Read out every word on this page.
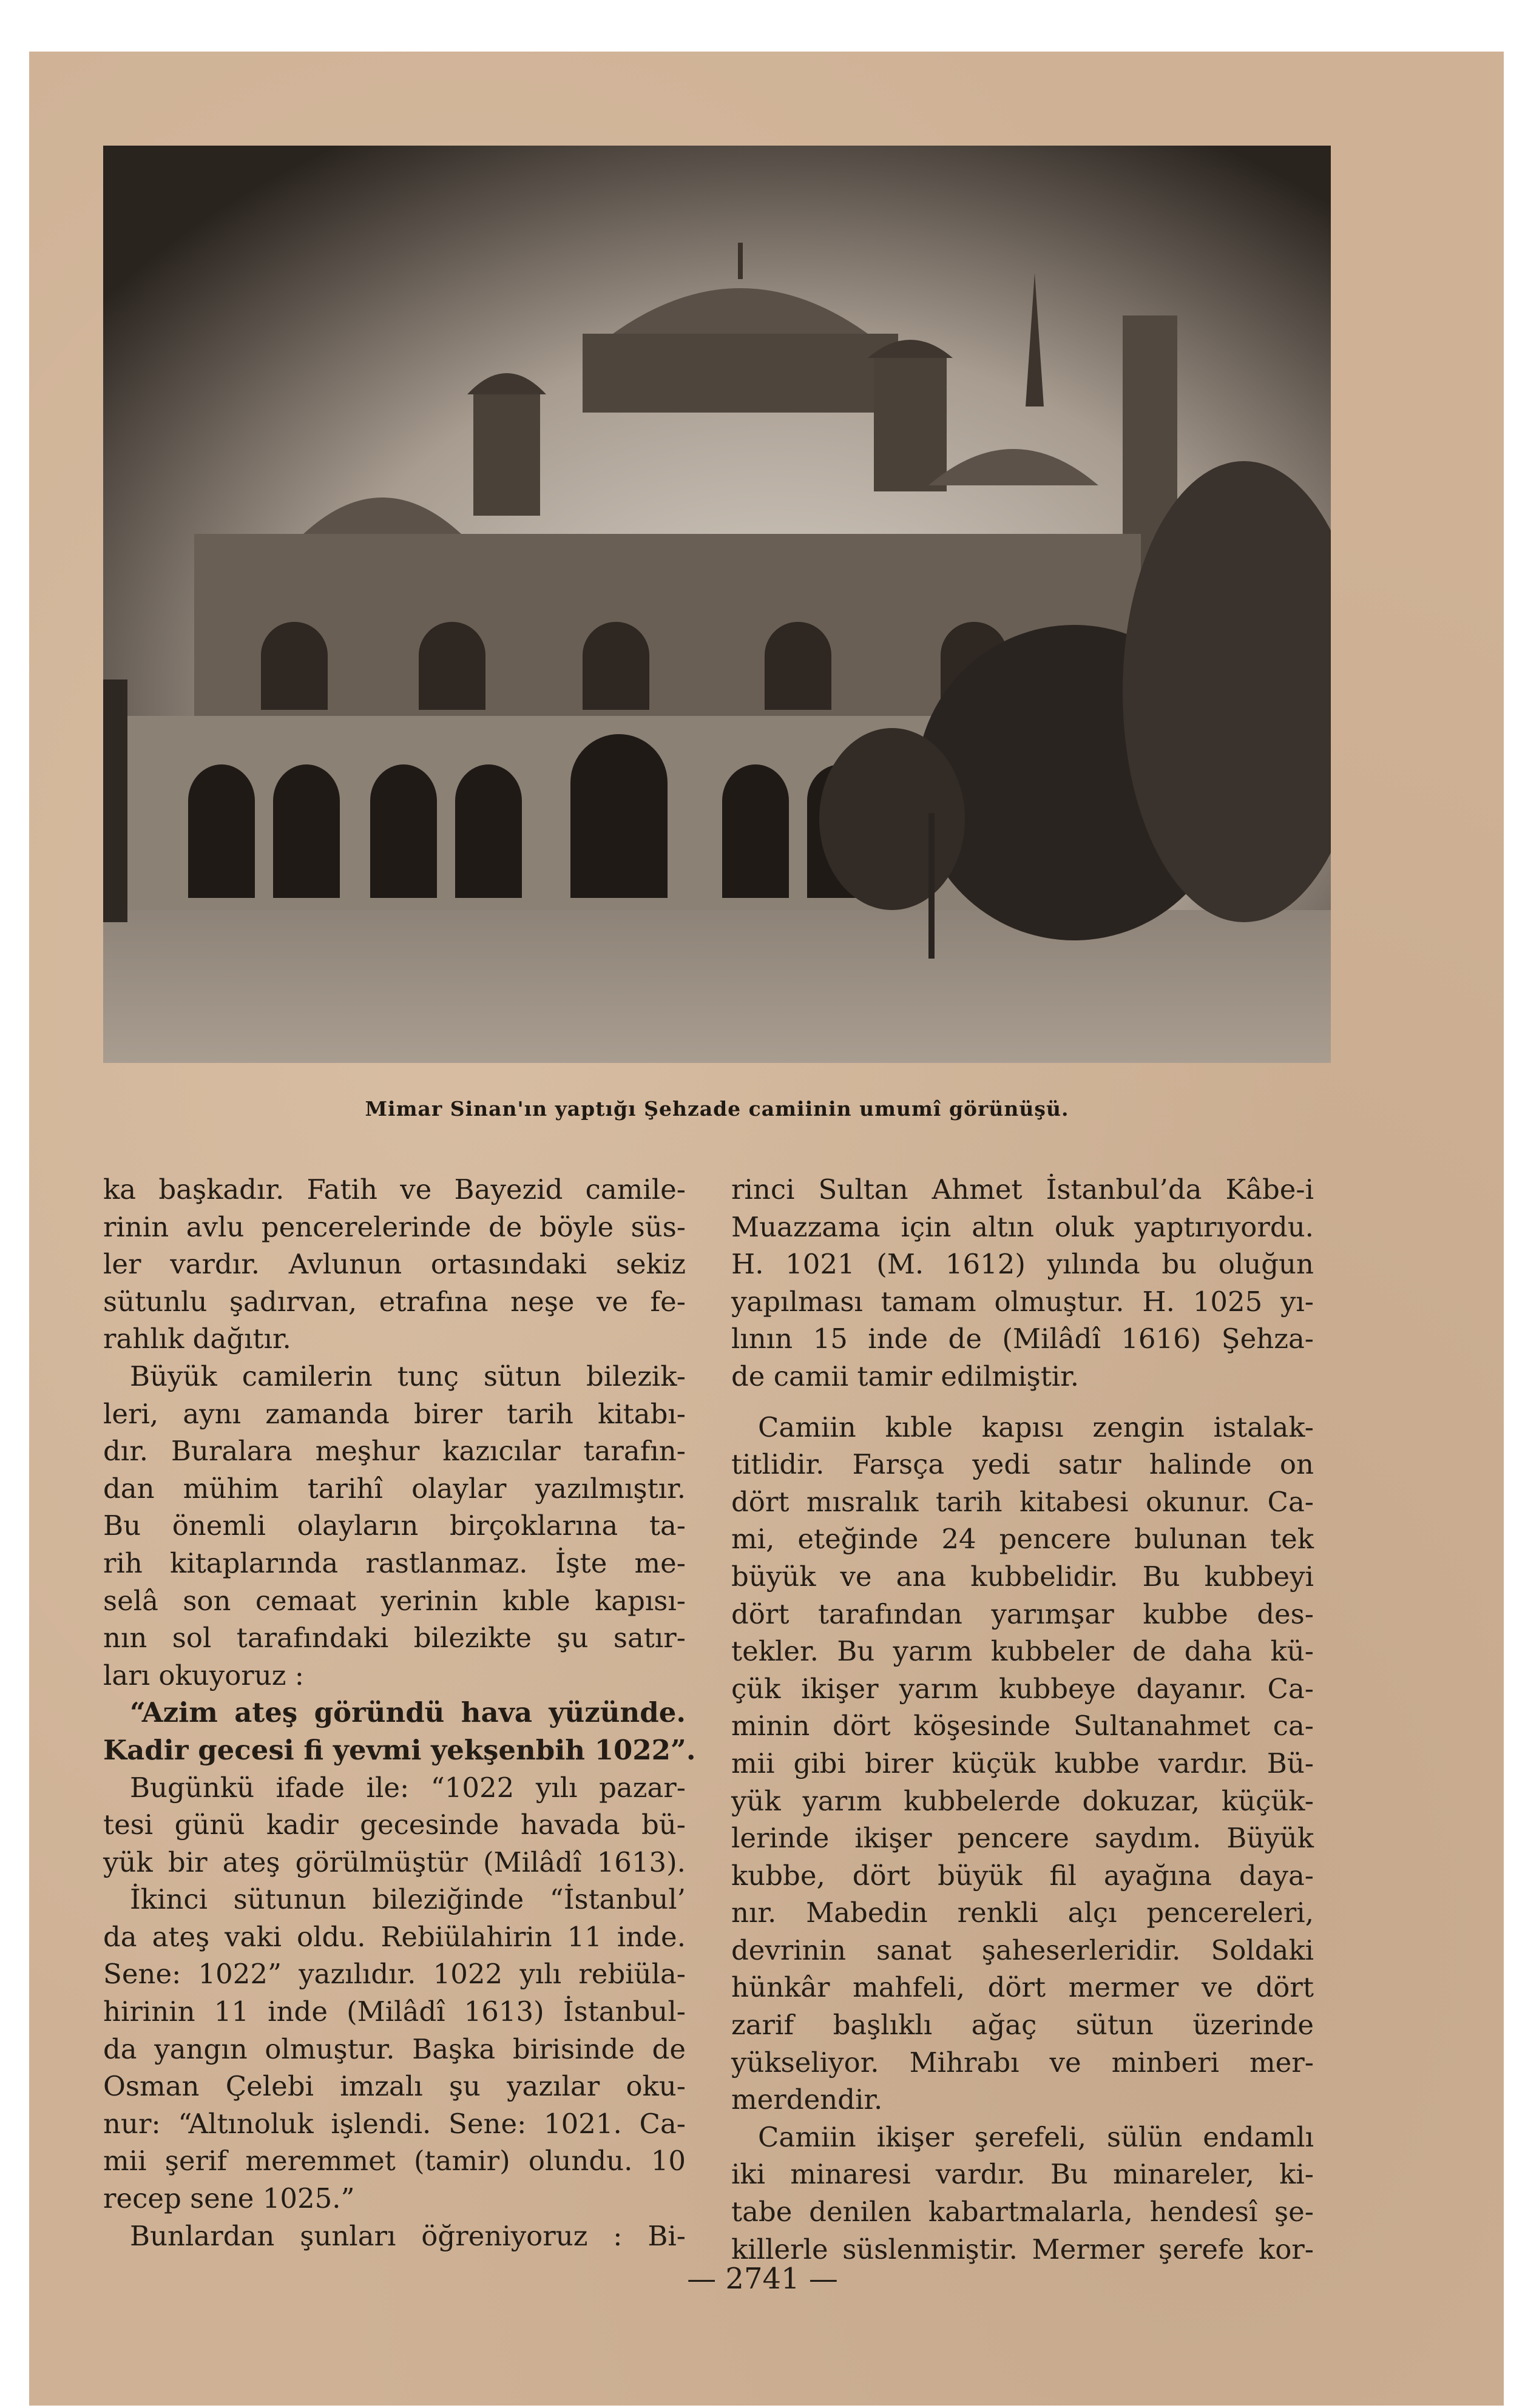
Mimar Sinan'ın yaptığı Şehzade camiinin umumî görünüşü.
ka başkadır. Fatih ve Bayezid camile-
rinin avlu pencerelerinde de böyle süs-
ler vardır. Avlunun ortasındaki sekiz
sütunlu şadırvan, etrafına neşe ve fe-
rahlık dağıtır.
Büyük camilerin tunç sütun bilezik-
leri, aynı zamanda birer tarih kitabı-
dır. Buralara meşhur kazıcılar tarafın-
dan mühim tarihî olaylar yazılmıştır.
Bu önemli olayların birçoklarına ta-
rih kitaplarında rastlanmaz. İşte me-
selâ son cemaat yerinin kıble kapısı-
nın sol tarafındaki bilezikte şu satır-
ları okuyoruz :
“Azim ateş göründü hava yüzünde.
Kadir gecesi fi yevmi yekşenbih 1022”.
Bugünkü ifade ile: “1022 yılı pazar-
tesi günü kadir gecesinde havada bü-
yük bir ateş görülmüştür (Milâdî 1613).
İkinci sütunun bileziğinde “İstanbul’
da ateş vaki oldu. Rebiülahirin 11 inde.
Sene: 1022” yazılıdır. 1022 yılı rebiüla-
hirinin 11 inde (Milâdî 1613) İstanbul-
da yangın olmuştur. Başka birisinde de
Osman Çelebi imzalı şu yazılar oku-
nur: “Altınoluk işlendi. Sene: 1021. Ca-
mii şerif meremmet (tamir) olundu. 10
recep sene 1025.”
Bunlardan şunları öğreniyoruz : Bi-
rinci Sultan Ahmet İstanbul’da Kâbe-i
Muazzama için altın oluk yaptırıyordu.
H. 1021 (M. 1612) yılında bu oluğun
yapılması tamam olmuştur. H. 1025 yı-
lının 15 inde de (Milâdî 1616) Şehza-
de camii tamir edilmiştir.
Camiin kıble kapısı zengin istalak-
titlidir. Farsça yedi satır halinde on
dört mısralık tarih kitabesi okunur. Ca-
mi, eteğinde 24 pencere bulunan tek
büyük ve ana kubbelidir. Bu kubbeyi
dört tarafından yarımşar kubbe des-
tekler. Bu yarım kubbeler de daha kü-
çük ikişer yarım kubbeye dayanır. Ca-
minin dört köşesinde Sultanahmet ca-
mii gibi birer küçük kubbe vardır. Bü-
yük yarım kubbelerde dokuzar, küçük-
lerinde ikişer pencere saydım. Büyük
kubbe, dört büyük fil ayağına daya-
nır. Mabedin renkli alçı pencereleri,
devrinin sanat şaheserleridir. Soldaki
hünkâr mahfeli, dört mermer ve dört
zarif başlıklı ağaç sütun üzerinde
yükseliyor. Mihrabı ve minberi mer-
merdendir.
Camiin ikişer şerefeli, sülün endamlı
iki minaresi vardır. Bu minareler, ki-
tabe denilen kabartmalarla, hendesî şe-
killerle süslenmiştir. Mermer şerefe kor-
— 2741 —
